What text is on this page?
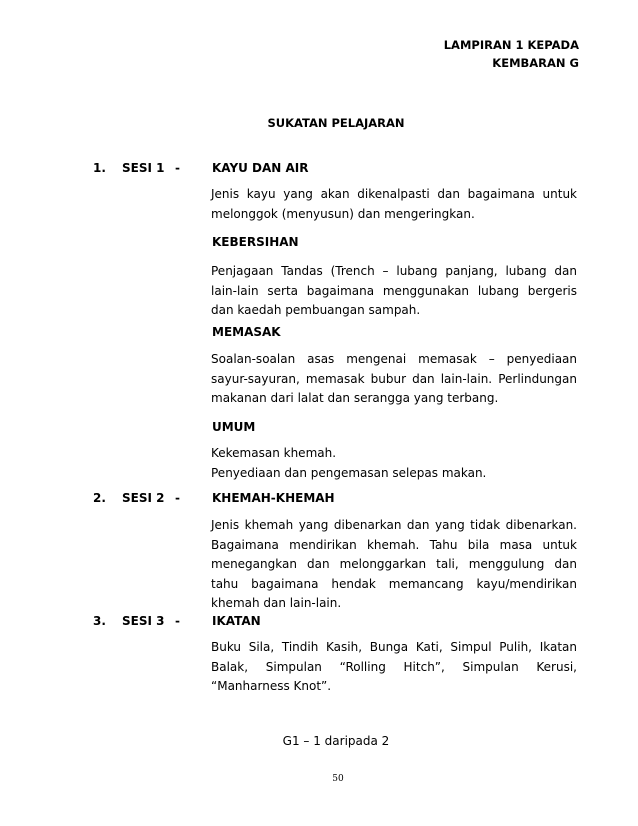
LAMPIRAN 1 KEPADA
KEMBARAN G
SUKATAN PELAJARAN
1. SESI 1 -	KAYU DAN AIR
Jenis kayu yang akan dikenalpasti dan bagaimana untuk melonggok (menyusun) dan mengeringkan.
KEBERSIHAN
Penjagaan Tandas (Trench – lubang panjang, lubang dan lain-lain serta bagaimana menggunakan lubang bergeris dan kaedah pembuangan sampah.
MEMASAK
Soalan-soalan asas mengenai memasak – penyediaan sayur-sayuran, memasak bubur dan lain-lain. Perlindungan makanan dari lalat dan serangga yang terbang.
UMUM
Kekemasan khemah.
Penyediaan dan pengemasan selepas makan.
2. SESI 2 -	KHEMAH-KHEMAH
Jenis khemah yang dibenarkan dan yang tidak dibenarkan. Bagaimana mendirikan khemah. Tahu bila masa untuk menegangkan dan melonggarkan tali, menggulung dan tahu bagaimana hendak memancang kayu/mendirikan khemah dan lain-lain.
3. SESI 3 -	IKATAN
Buku Sila, Tindih Kasih, Bunga Kati, Simpul Pulih, Ikatan Balak, Simpulan “Rolling Hitch”, Simpulan Kerusi, “Manharness Knot”.
G1 – 1 daripada 2
50
